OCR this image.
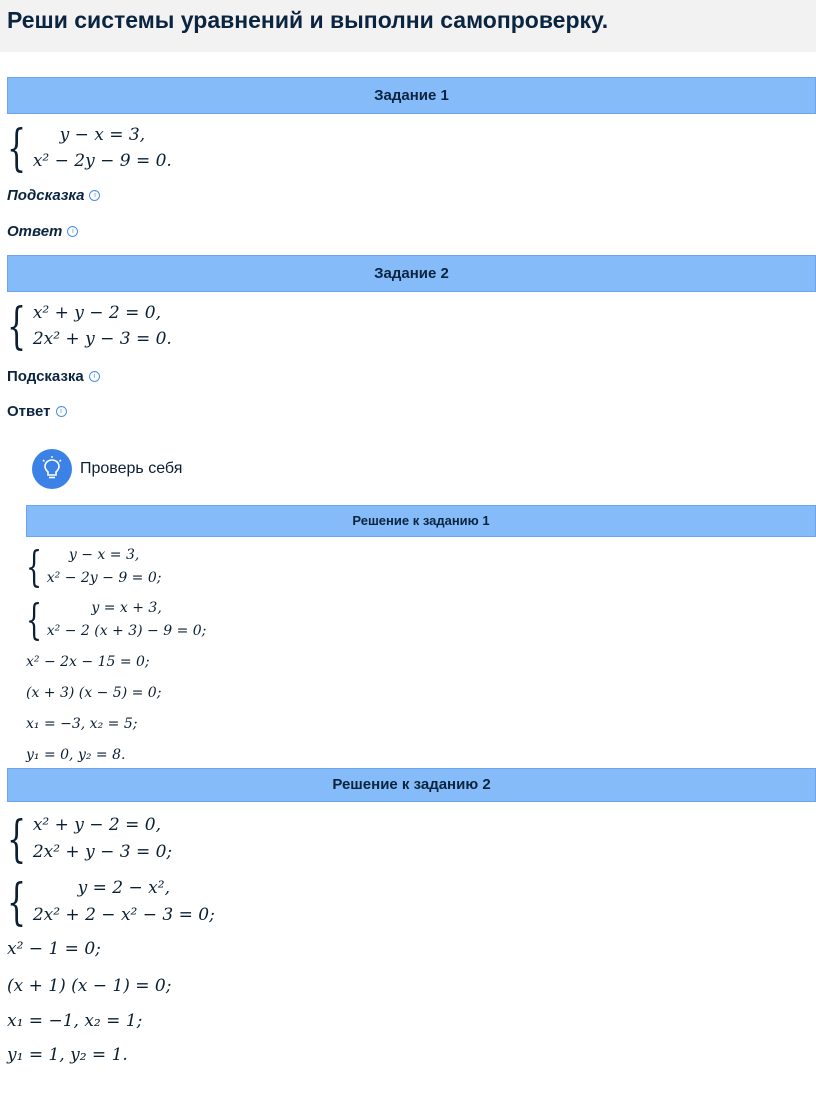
Реши системы уравнений и выполни самопроверку.
Задание 1
{	y − x = 3,
x² − 2y − 9 = 0.
Подсказка	i
Ответ	i
Задание 2
{ x² + y − 2 = 0,
2x² + y − 3 = 0.
Подсказка	i
Ответ	i
Проверь себя
Решение к заданию 1
{	y − x = 3,
x² − 2y − 9 = 0;
{	y = x + 3,
x² − 2 (x + 3) − 9 = 0;
x² − 2x − 15 = 0;
(x + 3) (x − 5) = 0;
x₁ = −3, x₂ = 5;
y₁ = 0, y₂ = 8.
Решение к заданию 2
{ x² + y − 2 = 0,
2x² + y − 3 = 0;
{	y = 2 − x²,
2x² + 2 − x² − 3 = 0;
x² − 1 = 0;
(x + 1) (x − 1) = 0;
x₁ = −1, x₂ = 1;
y₁ = 1, y₂ = 1.
